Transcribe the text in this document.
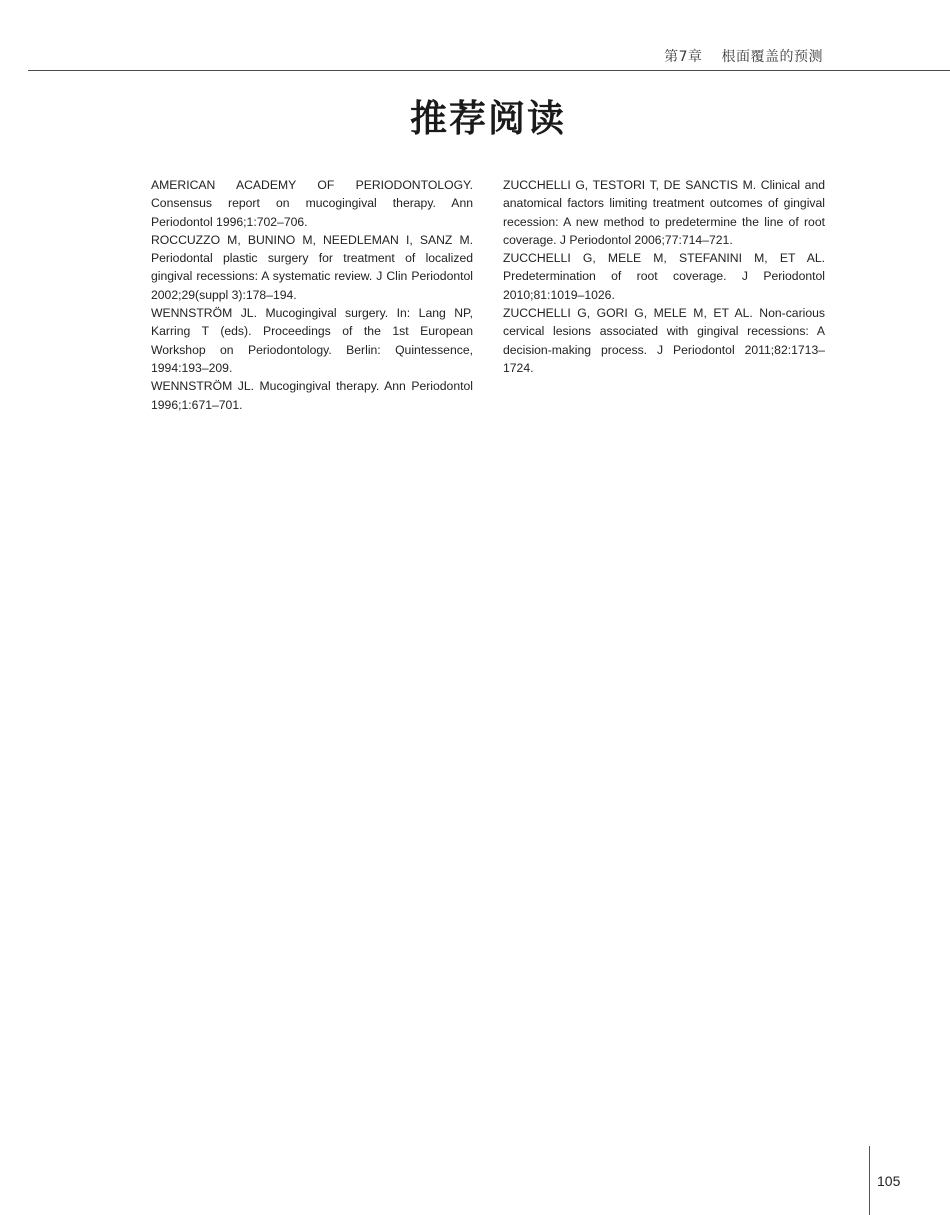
第7章 根面覆盖的预测
推荐阅读

AMERICAN ACADEMY OF PERIODONTOLOGY. Consensus report on mucogingival therapy. Ann Periodontol 1996;1:702–706.

ROCCUZZO M, BUNINO M, NEEDLEMAN I, SANZ M. Periodontal plastic surgery for treatment of localized gingival recessions: A systematic review. J Clin Periodontol 2002;29(suppl 3):178–194.

WENNSTRÖM JL. Mucogingival surgery. In: Lang NP, Karring T (eds). Proceedings of the 1st European Workshop on Periodontology. Berlin: Quintessence, 1994:193–209.

WENNSTRÖM JL. Mucogingival therapy. Ann Periodontol 1996;1:671–701.

ZUCCHELLI G, TESTORI T, DE SANCTIS M. Clinical and anatomical factors limiting treatment outcomes of gingival recession: A new method to predetermine the line of root coverage. J Periodontol 2006;77:714–721.

ZUCCHELLI G, MELE M, STEFANINI M, ET AL. Predetermination of root coverage. J Periodontol 2010;81:1019–1026.

ZUCCHELLI G, GORI G, MELE M, ET AL. Non-carious cervical lesions associated with gingival recessions: A decision-making process. J Periodontol 2011;82:1713–1724.

105
